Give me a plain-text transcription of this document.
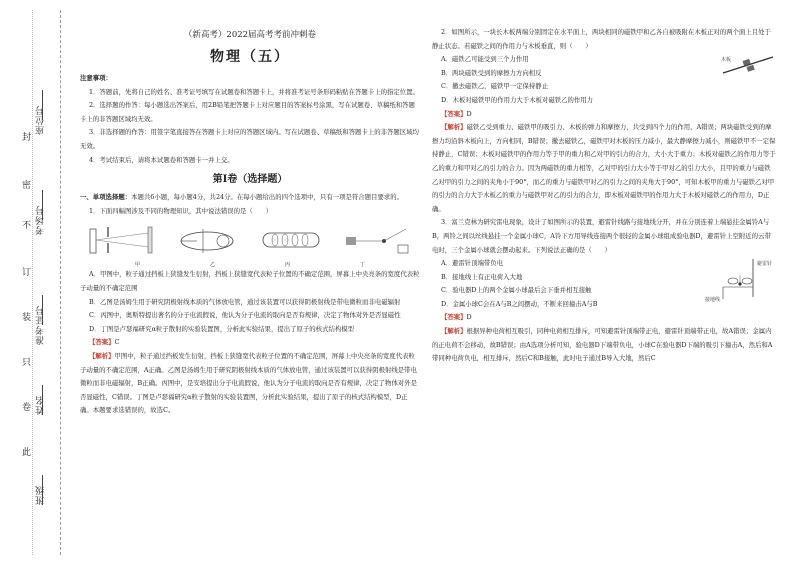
座位号
考场号
准考证号
姓名
班级
封
密
不
订
装
只
卷
此
（新高考）2022届高考考前冲刺卷
物理（五）

注意事项：

1．答题前，先将自己的姓名、准考证号填写在试题卷和答题卡上，并将准考证号条形码粘贴在答题卡上的指定位置。

2．选择题的作答：每小题选出答案后，用2B铅笔把答题卡上对应题目的答案标号涂黑，写在试题卷、草稿纸和答题卡上的非答题区域均无效。

3．非选择题的作答：用签字笔直接答在答题卡上对应的答题区域内。写在试题卷、草稿纸和答题卡上的非答题区域均无效。

4．考试结束后，请将本试题卷和答题卡一并上交。

第Ⅰ卷（选择题）

一、单项选择题：本题共6小题，每小题4分，共24分。在每小题给出的四个选项中，只有一项是符合题目要求的。

1．下面四幅图涉及不同的物理知识，其中说法错误的是（　　）

甲	乙	丙	丁

A．甲图中，粒子通过挡板上狭缝发生衍射，挡板上狭缝宽代表粒子位置的不确定范围，屏幕上中央亮条的宽度代表粒子动量的不确定范围

B．乙图是汤姆生用于研究阴极射线本质的气体放电管，通过该装置可以获得阴极射线是带电微粒而非电磁辐射

C．丙图中，奥斯特提出著名的分子电流假说，他认为分子电流的取向是否有规律，决定了物体对外是否显磁性

D．丁图是卢瑟福研究α粒子散射的实验装置图，分析此实验结果，提出了原子的核式结构模型

【答案】C

【解析】甲图中，粒子通过挡板发生衍射，挡板上狭缝宽代表粒子位置的不确定范围，屏幕上中央亮条的宽度代表粒子动量的不确定范围，A正确。乙图是汤姆生用于研究阴极射线本质的气体放电管，通过该装置可以获得阴极射线是带电微粒而非电磁辐射，B正确。丙图中，是安培提出分子电流假说，他认为分子电流的取向是否有规律，决定了物体对外是否显磁性，C错误。丁图是卢瑟福研究α粒子散射的实验装置图，分析此实验结果，提出了原子的核式结构模型，D正确。本题要求选错误的，故选C。

2．如图所示，一块长木板两端分别固定在水平面上，两块相同的磁铁甲和乙各自被吸附在木板正对的两个面上且处于静止状态。若磁铁之间的作用力与木板垂直，则（　　）

木板

A．磁铁乙可能受到三个力作用

B．两块磁铁受到的摩擦力方向相反

C．撤去磁铁乙，磁铁甲一定保持静止

D．木板对磁铁甲的作用力大于木板对磁铁乙的作用力

【答案】D

【解析】磁铁乙受到重力、磁铁甲的吸引力、木板的弹力和摩擦力，共受到四个力的作用，A错误；两块磁铁受到的摩擦力均沿斜木板向上，方向相同，B错误；撤去磁铁乙，磁铁甲对木板的压力减小，最大静摩擦力减小，则磁铁甲不一定保持静止，C错误；木板对磁铁甲的作用力等于甲的重力和乙对甲的引力的合力，大小大于重力；木板对磁铁乙的作用力等于乙的重力和甲对乙的引力的合力。因为两磁铁的重力相等，乙对甲的引力大小等于甲对乙的引力大小，且甲的重力与磁铁乙对甲的引力之间的夹角小于90°，而乙的重力与磁铁甲对乙的引力之间的夹角大于90°，可知木板甲的重力与磁铁乙对甲的引力的合力大于木板乙的重力与磁铁甲对乙的引力的合力，即木板对磁铁甲的作用力大于木板对磁铁乙的作用力，D正确。

3．富兰克林为研究雷电现象，设计了如图所示的装置，避雷针线路与接地线分开，并在分别连着上端悬挂金属铃A与B，两铃之间以丝线悬挂一个金属小球C，A铃下方用导线连接两个很轻的金属小球组成验电器D，避雷针上空附近的云带电时，三个金属小球就会摆动起来。下列说法正确的是（　　）

避雷针
接地线

A．避雷针顶端带负电

B．接地线上有正电荷入大地

C．验电器D上的两个金属小球最后会下垂并相互接触

D．金属小球C会在A与B之间摆动，不断来回撞击A与B

【答案】D

【解析】根据异种电荷相互吸引，同种电荷相互排斥，可知避雷针顶端带正电，避雷针顶端带正电，故A错误；金属内的正电荷不会移动，故B错误；由A选项分析可知，验电器D下端带负电，小球C在验电器D下端的吸引下撞击A，然后和A带同种电荷负电，相互排斥，然后C和B接触，此时电子通过B导入大地，然后C
